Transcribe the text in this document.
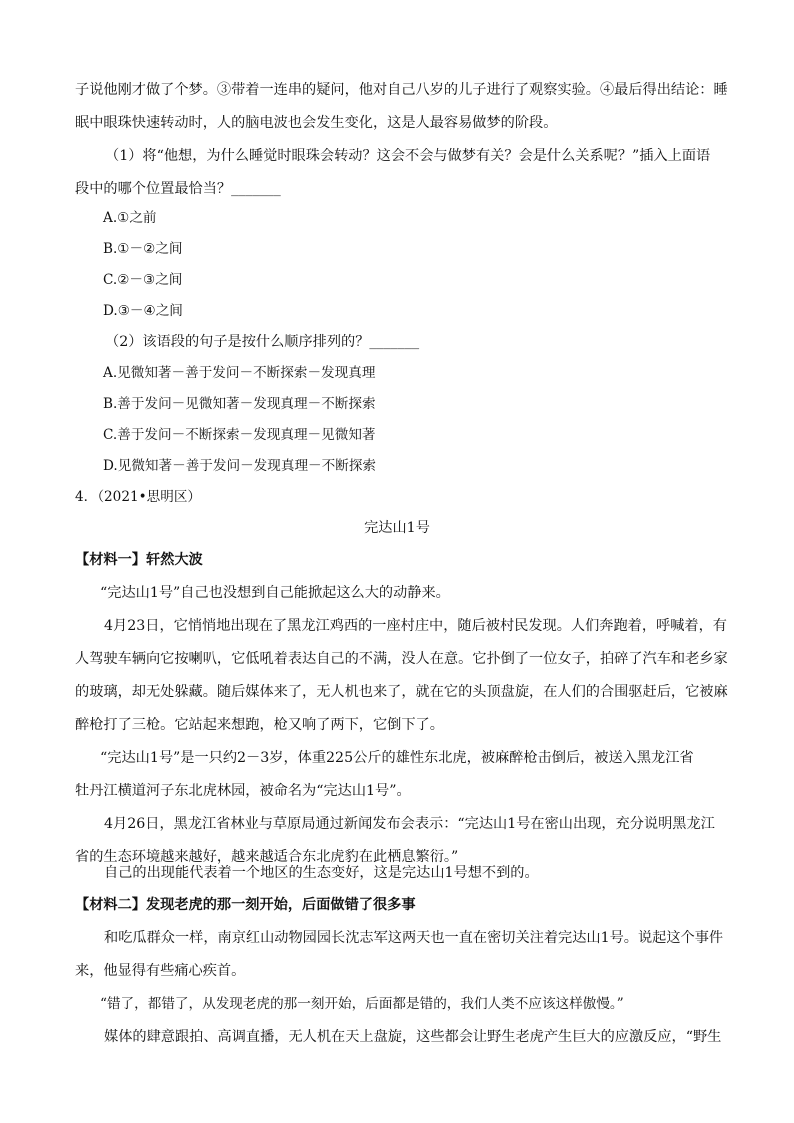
子说他刚才做了个梦。③带着一连串的疑问，他对自己八岁的儿子进行了观察实验。④最后得出结论：睡
眠中眼珠快速转动时，人的脑电波也会发生变化，这是人最容易做梦的阶段。
（1）将“他想，为什么睡觉时眼珠会转动？这会不会与做梦有关？会是什么关系呢？”插入上面语
段中的哪个位置最恰当？_______
A.①之前
B.①－②之间
C.②－③之间
D.③－④之间
（2）该语段的句子是按什么顺序排列的？_______
A.见微知著－善于发问－不断探索－发现真理
B.善于发问－见微知著－发现真理－不断探索
C.善于发问－不断探索－发现真理－见微知著
D.见微知著－善于发问－发现真理－不断探索
4．（2021•思明区）
完达山1号
【材料一】轩然大波
“完达山1号”自己也没想到自己能掀起这么大的动静来。
4月23日，它悄悄地出现在了黑龙江鸡西的一座村庄中，随后被村民发现。人们奔跑着，呼喊着，有
人驾驶车辆向它按喇叭，它低吼着表达自己的不满，没人在意。它扑倒了一位女子，拍碎了汽车和老乡家
的玻璃，却无处躲藏。随后媒体来了，无人机也来了，就在它的头顶盘旋，在人们的合围驱赶后，它被麻
醉枪打了三枪。它站起来想跑，枪又响了两下，它倒下了。
“完达山1号”是一只约2－3岁，体重225公斤的雄性东北虎，被麻醉枪击倒后，被送入黑龙江省
牡丹江横道河子东北虎林园，被命名为“完达山1号”。
4月26日，黑龙江省林业与草原局通过新闻发布会表示：“完达山1号在密山出现，充分说明黑龙江
省的生态环境越来越好，越来越适合东北虎豹在此栖息繁衍。”
自己的出现能代表着一个地区的生态变好，这是完达山1号想不到的。
【材料二】发现老虎的那一刻开始，后面做错了很多事
和吃瓜群众一样，南京红山动物园园长沈志军这两天也一直在密切关注着完达山1号。说起这个事件
来，他显得有些痛心疾首。
“错了，都错了，从发现老虎的那一刻开始，后面都是错的，我们人类不应该这样傲慢。”
媒体的肆意跟拍、高调直播，无人机在天上盘旋，这些都会让野生老虎产生巨大的应激反应，“野生
